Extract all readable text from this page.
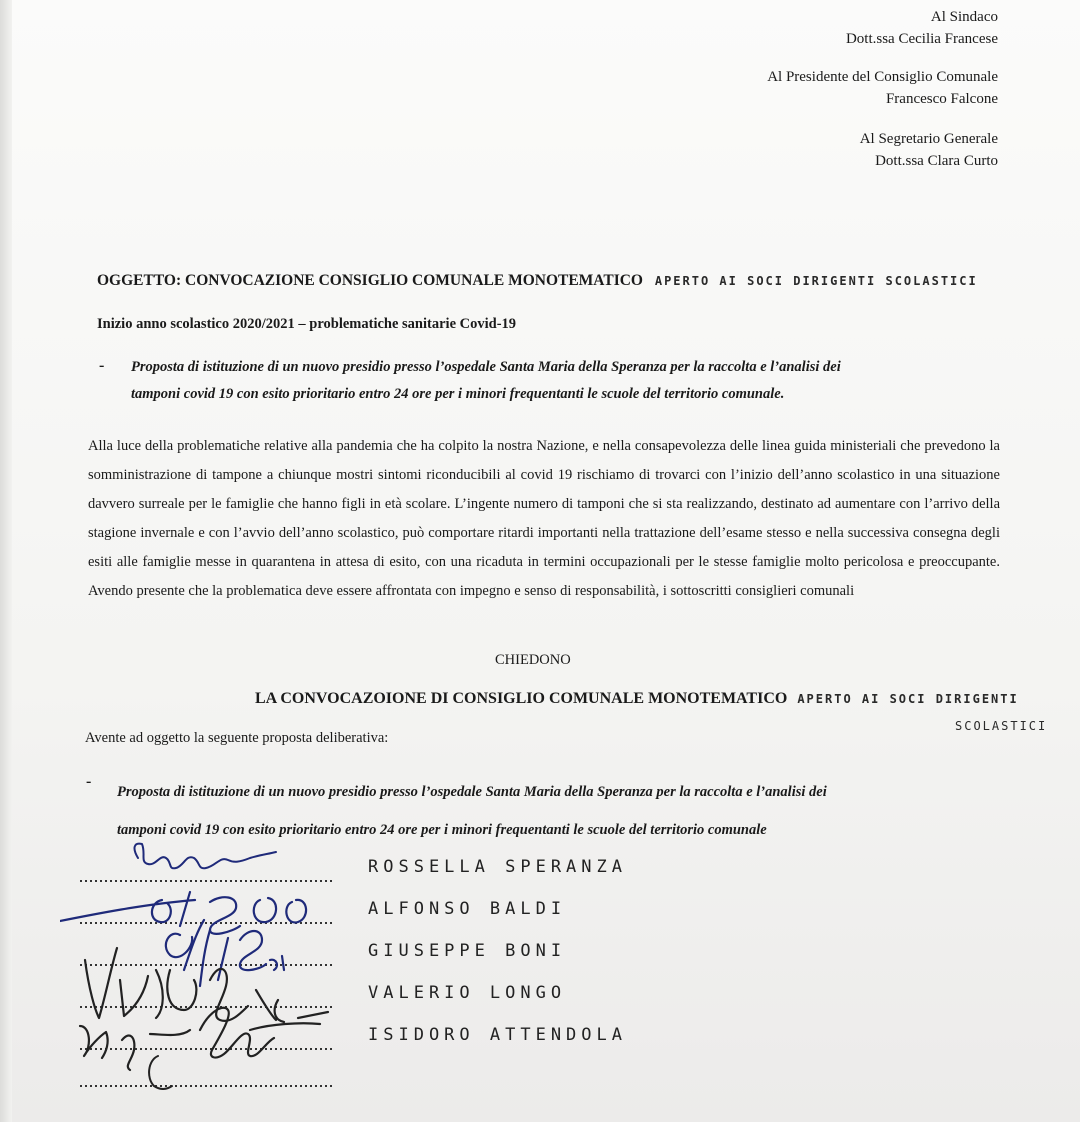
Al Sindaco
Dott.ssa Cecilia Francese
Al Presidente del Consiglio Comunale
Francesco Falcone
Al Segretario Generale
Dott.ssa Clara Curto
OGGETTO: CONVOCAZIONE CONSIGLIO COMUNALE MONOTEMATICO APERTO AI SOCI DIRIGENTI SCOLASTICI
Inizio anno scolastico 2020/2021 – problematiche sanitarie Covid-19
- Proposta di istituzione di un nuovo presidio presso l’ospedale Santa Maria della Speranza per la raccolta e l’analisi dei
tamponi covid 19 con esito prioritario entro 24 ore per i minori frequentanti le scuole del territorio comunale.
Alla luce della problematiche relative alla pandemia che ha colpito la nostra Nazione, e nella consapevolezza delle linea guida ministeriali che prevedono la somministrazione di tampone a chiunque mostri sintomi riconducibili al covid 19 rischiamo di trovarci con l’inizio dell’anno scolastico in una situazione davvero surreale per le famiglie che hanno figli in età scolare. L’ingente numero di tamponi che si sta realizzando, destinato ad aumentare con l’arrivo della stagione invernale e con l’avvio dell’anno scolastico, può comportare ritardi importanti nella trattazione dell’esame stesso e nella successiva consegna degli esiti alle famiglie messe in quarantena in attesa di esito, con una ricaduta in termini occupazionali per le stesse famiglie molto pericolosa e preoccupante. Avendo presente che la problematica deve essere affrontata con impegno e senso di responsabilità, i sottoscritti consiglieri comunali
CHIEDONO
LA CONVOCAZOIONE DI CONSIGLIO COMUNALE MONOTEMATICO APERTO AI SOCI DIRIGENTI
SCOLASTICI
Avente ad oggetto la seguente proposta deliberativa:
-
Proposta di istituzione di un nuovo presidio presso l’ospedale Santa Maria della Speranza per la raccolta e l’analisi dei
tamponi covid 19 con esito prioritario entro 24 ore per i minori frequentanti le scuole del territorio comunale
ROSSELLA SPERANZA
ALFONSO BALDI
GIUSEPPE BONI
VALERIO LONGO
ISIDORO ATTENDOLA
